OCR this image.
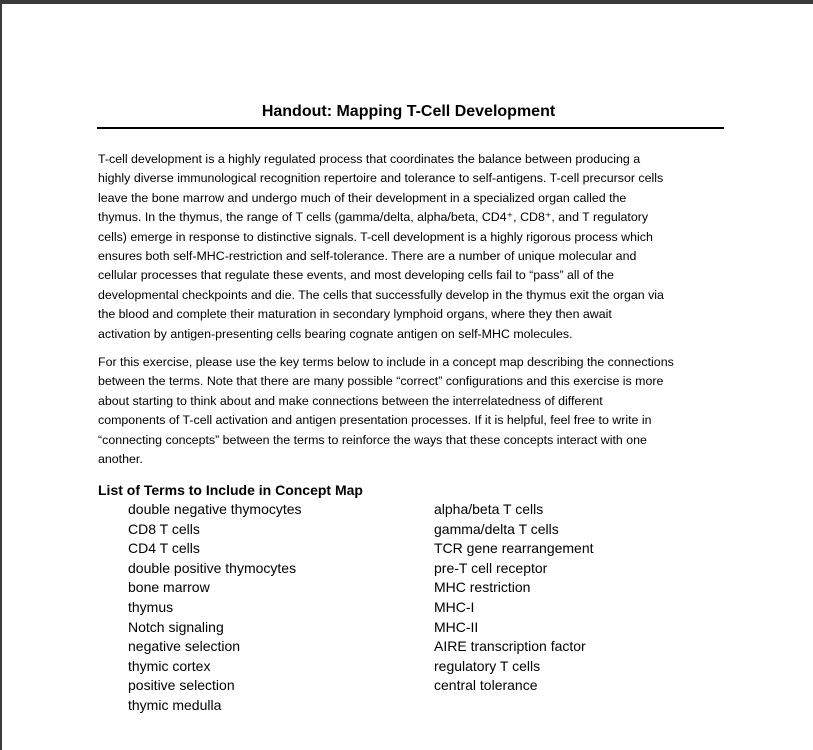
Handout: Mapping T-Cell Development
T-cell development is a highly regulated process that coordinates the balance between producing a
highly diverse immunological recognition repertoire and tolerance to self-antigens. T-cell precursor cells
leave the bone marrow and undergo much of their development in a specialized organ called the
thymus. In the thymus, the range of T cells (gamma/delta, alpha/beta, CD4⁺, CD8⁺, and T regulatory
cells) emerge in response to distinctive signals. T-cell development is a highly rigorous process which
ensures both self-MHC-restriction and self-tolerance. There are a number of unique molecular and
cellular processes that regulate these events, and most developing cells fail to “pass” all of the
developmental checkpoints and die. The cells that successfully develop in the thymus exit the organ via
the blood and complete their maturation in secondary lymphoid organs, where they then await
activation by antigen-presenting cells bearing cognate antigen on self-MHC molecules.
For this exercise, please use the key terms below to include in a concept map describing the connections
between the terms. Note that there are many possible “correct” configurations and this exercise is more
about starting to think about and make connections between the interrelatedness of different
components of T-cell activation and antigen presentation processes. If it is helpful, feel free to write in
“connecting concepts” between the terms to reinforce the ways that these concepts interact with one
another.
List of Terms to Include in Concept Map
double negative thymocytes
CD8 T cells
CD4 T cells
double positive thymocytes
bone marrow
thymus
Notch signaling
negative selection
thymic cortex
positive selection
thymic medulla
alpha/beta T cells
gamma/delta T cells
TCR gene rearrangement
pre-T cell receptor
MHC restriction
MHC-I
MHC-II
AIRE transcription factor
regulatory T cells
central tolerance
